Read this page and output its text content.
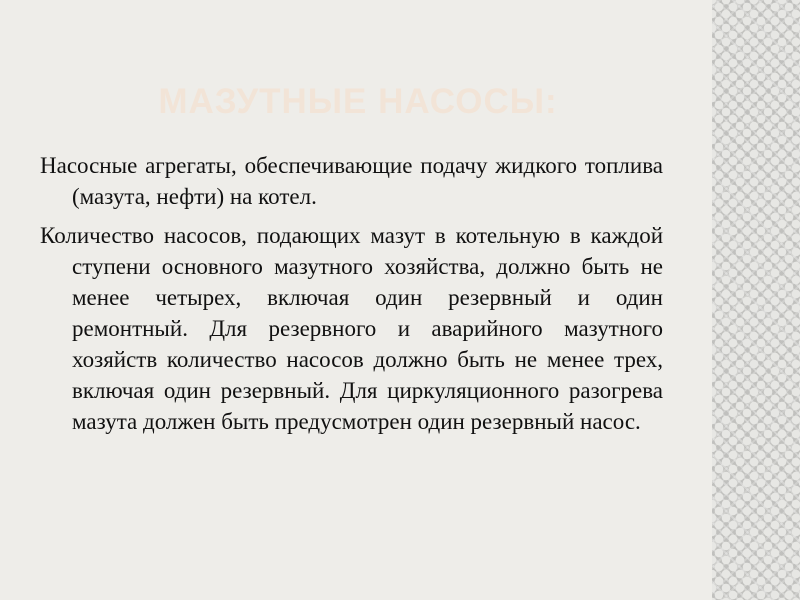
МАЗУТНЫЕ НАСОСЫ:

Насосные агрегаты, обеспечивающие подачу жидкого топлива (мазута, нефти) на котел.

Количество насосов, подающих мазут в котельную в каждой ступени основного мазутного хозяйства, должно быть не менее четырех, включая один резервный и один ремонтный. Для резервного и аварийного мазутного хозяйств количество насосов должно быть не менее трех, включая один резервный. Для циркуляционного разогрева мазута должен быть предусмотрен один резервный насос.
